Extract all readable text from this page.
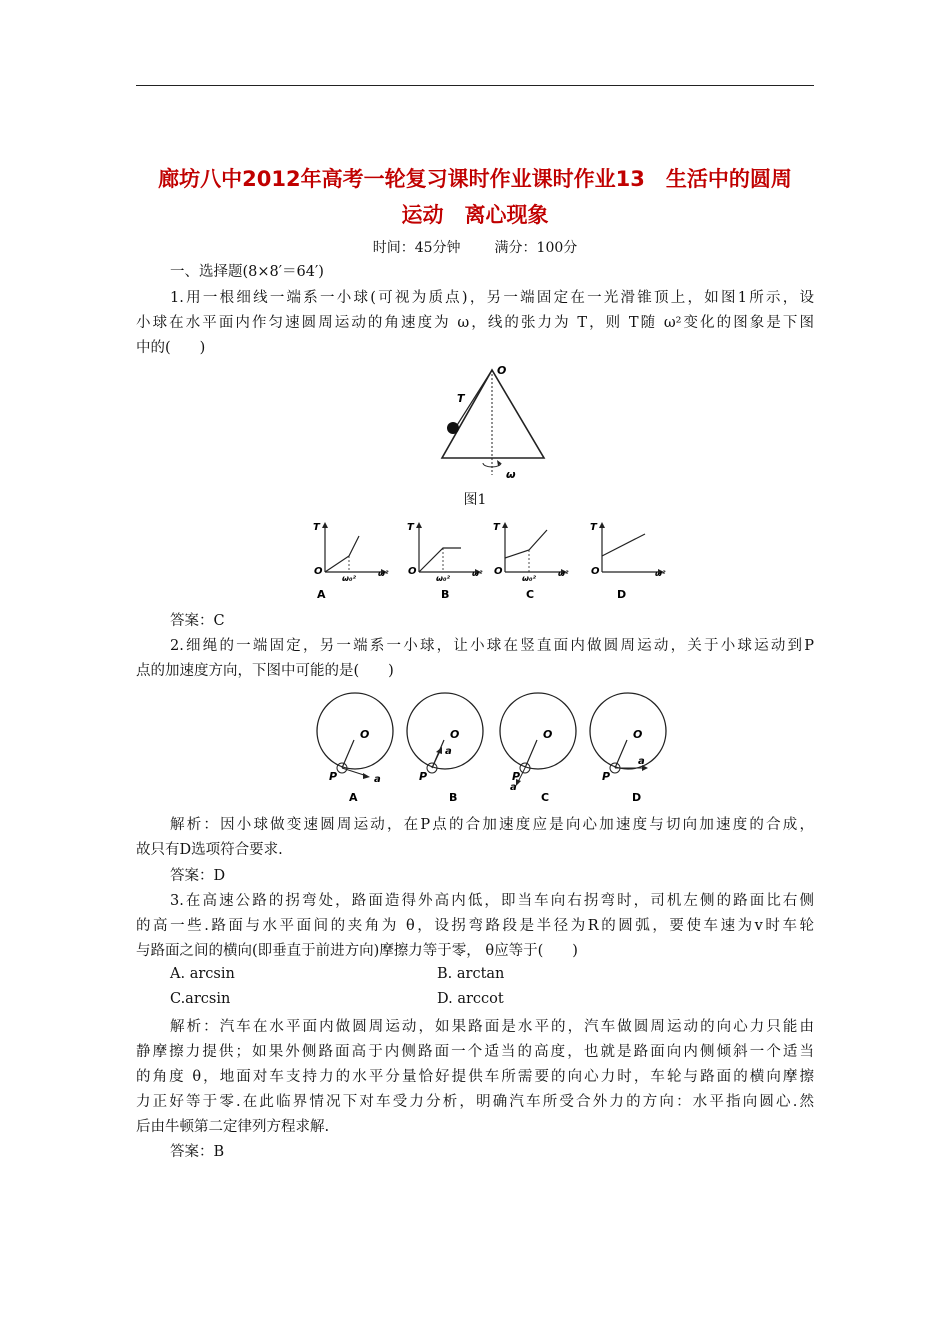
廊坊八中2012年高考一轮复习课时作业课时作业13　生活中的圆周
运动　离心现象
时间：45分钟 满分：100分
一、选择题(8×8′＝64′)
1.用一根细线一端系一小球(可视为质点)，另一端固定在一光滑锥顶上，如图1所示，设
小球在水平面内作匀速圆周运动的角速度为 ω，线的张力为 T，则 T随 ω²变化的图象是下图
中的(　　)
O
T
ω
图1
T
O
ω₀²
ω²
A
T
O
ω₀²
ω²
B
T
O
ω₀²
ω²
C
T
O	ω²
D
答案：C
2.细绳的一端固定，另一端系一小球，让小球在竖直面内做圆周运动，关于小球运动到P
点的加速度方向，下图中可能的是(　　)
O
P	a
A
O
a
P
B
O
P
a
C
O
P
a
D
解析：因小球做变速圆周运动，在P点的合加速度应是向心加速度与切向加速度的合成，
故只有D选项符合要求.
答案：D
3.在高速公路的拐弯处，路面造得外高内低，即当车向右拐弯时，司机左侧的路面比右侧
的高一些.路面与水平面间的夹角为 θ，设拐弯路段是半径为R的圆弧，要使车速为v时车轮
与路面之间的横向(即垂直于前进方向)摩擦力等于零， θ应等于(　　)
A. arcsin	B. arctan
C.arcsin	D. arccot
解析：汽车在水平面内做圆周运动，如果路面是水平的，汽车做圆周运动的向心力只能由
静摩擦力提供；如果外侧路面高于内侧路面一个适当的高度，也就是路面向内侧倾斜一个适当
的角度 θ，地面对车支持力的水平分量恰好提供车所需要的向心力时，车轮与路面的横向摩擦
力正好等于零.在此临界情况下对车受力分析，明确汽车所受合外力的方向：水平指向圆心.然
后由牛顿第二定律列方程求解.
答案：B
